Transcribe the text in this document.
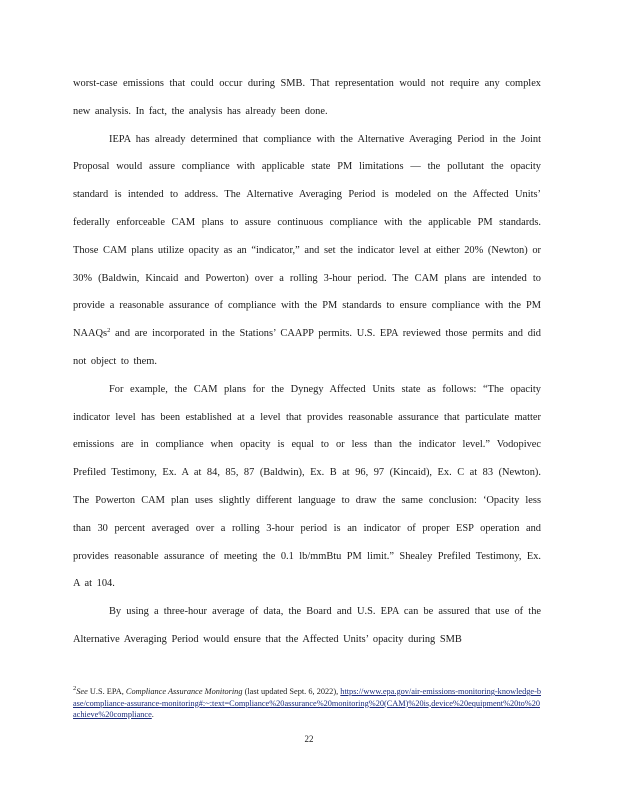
worst‑case emissions that could occur during SMB. That representation would not require any complex new analysis. In fact, the analysis has already been done.

IEPA has already determined that compliance with the Alternative Averaging Period in the Joint Proposal would assure compliance with applicable state PM limitations — the pollutant the opacity standard is intended to address. The Alternative Averaging Period is modeled on the Affected Units’ federally enforceable CAM plans to assure continuous compliance with the applicable PM standards. Those CAM plans utilize opacity as an “indicator,” and set the indicator level at either 20% (Newton) or 30% (Baldwin, Kincaid and Powerton) over a rolling 3‑hour period. The CAM plans are intended to provide a reasonable assurance of compliance with the PM standards to ensure compliance with the PM NAAQs$^2$ and are incorporated in the Stations’ CAAPP permits. U.S. EPA reviewed those permits and did not object to them.

For example, the CAM plans for the Dynegy Affected Units state as follows: “The opacity indicator level has been established at a level that provides reasonable assurance that particulate matter emissions are in compliance when opacity is equal to or less than the indicator level.” Vodopivec Prefiled Testimony, Ex. A at 84, 85, 87 (Baldwin), Ex. B at 96, 97 (Kincaid), Ex. C at 83 (Newton). The Powerton CAM plan uses slightly different language to draw the same conclusion: ‘Opacity less than 30 percent averaged over a rolling 3‑hour period is an indicator of proper ESP operation and provides reasonable assurance of meeting the 0.1 lb/mmBtu PM limit.” Shealey Prefiled Testimony, Ex. A at 104.

By using a three‑hour average of data, the Board and U.S. EPA can be assured that use of the Alternative Averaging Period would ensure that the Affected Units’ opacity during SMB

$^2$See U.S. EPA, Compliance Assurance Monitoring (last updated Sept. 6, 2022), https://www.epa.gov/air-emissions-monitoring-knowledge-base/compliance-assurance-monitoring#:~:text=Compliance%20assurance%20monitoring%20(CAM)%20is,device%20equipment%20to%20achieve%20compliance.
22
